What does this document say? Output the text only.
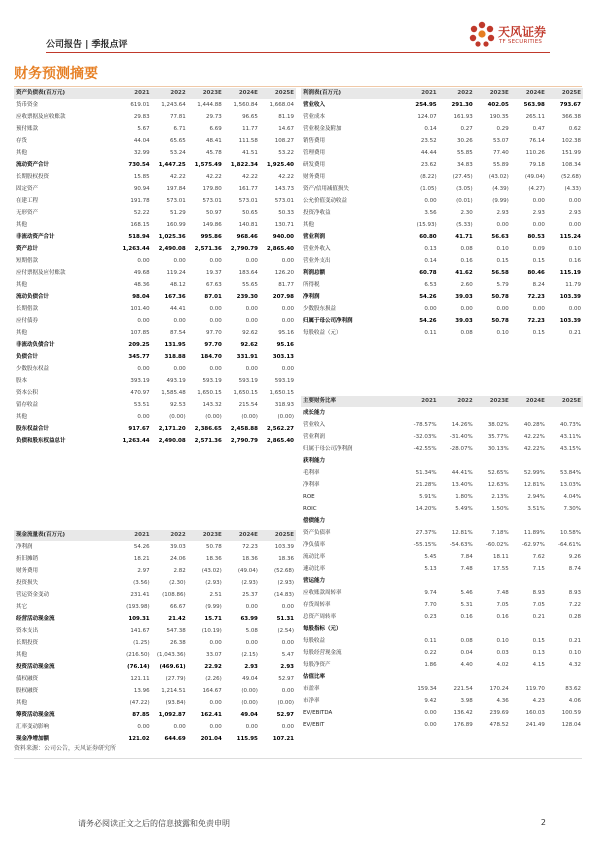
公司报告 | 季报点评
天风证券
TF SECURITIES
财务预测摘要
资产负债表(百万元)	2021	2022	2023E	2024E	2025E
货币资金	619.01	1,243.64	1,444.88	1,560.84	1,668.04
应收票据及应收账款	29.83	77.81	29.73	96.65	81.19
预付账款	5.67	6.71	6.69	11.77	14.67
存货	44.04	65.65	48.41	111.58	108.27
其他	32.99	53.24	45.78	41.51	53.22
流动资产合计	730.54	1,447.25	1,575.49	1,822.34	1,925.40
长期股权投资	15.85	42.22	42.22	42.22	42.22
固定资产	90.94	197.84	179.80	161.77	143.73
在建工程	191.78	573.01	573.01	573.01	573.01
无形资产	52.22	51.29	50.97	50.65	50.33
其他	168.15	160.99	149.86	140.81	130.71
非流动资产合计	518.94	1,025.36	995.86	968.46	940.00
资产总计	1,263.44	2,490.08	2,571.36	2,790.79	2,865.40
短期借款	0.00	0.00	0.00	0.00	0.00
应付票据及应付账款	49.68	119.24	19.37	183.64	126.20
其他	48.36	48.12	67.63	55.65	81.77
流动负债合计	98.04	167.36	87.01	239.30	207.98
长期借款	101.40	44.41	0.00	0.00	0.00
应付债券	0.00	0.00	0.00	0.00	0.00
其他	107.85	87.54	97.70	92.62	95.16
非流动负债合计	209.25	131.95	97.70	92.62	95.16
负债合计	345.77	318.88	184.70	331.91	303.13
少数股东权益	0.00	0.00	0.00	0.00	0.00
股本	393.19	493.19	593.19	593.19	593.19
资本公积	470.97	1,585.48	1,650.15	1,650.15	1,650.15
留存收益	53.51	92.53	143.32	215.54	318.93
其他	0.00	(0.00)	(0.00)	(0.00)	(0.00)
股东权益合计	917.67	2,171.20	2,386.65	2,458.88	2,562.27
负债和股东权益总计	1,263.44	2,490.08	2,571.36	2,790.79	2,865.40
利润表(百万元)	2021	2022	2023E	2024E	2025E
营业收入	254.95	291.30	402.05	563.98	793.67
营业成本	124.07	161.93	190.35	265.11	366.38
营业税金及附加	0.14	0.27	0.29	0.47	0.62
销售费用	23.52	30.26	53.07	76.14	102.38
管理费用	44.44	55.85	77.40	110.26	151.99
研发费用	23.62	34.83	55.89	79.18	108.34
财务费用	(8.22)	(27.45)	(43.02)	(49.04)	(52.68)
资产/信用减值损失	(1.05)	(3.05)	(4.39)	(4.27)	(4.33)
公允价值变动收益	0.00	(0.01)	(9.99)	0.00	0.00
投资净收益	3.56	2.30	2.93	2.93	2.93
其他	(15.93)	(5.33)	0.00	0.00	0.00
营业利润	60.80	41.71	56.63	80.53	115.24
营业外收入	0.13	0.08	0.10	0.09	0.10
营业外支出	0.14	0.16	0.15	0.15	0.16
利润总额	60.78	41.62	56.58	80.46	115.19
所得税	6.53	2.60	5.79	8.24	11.79
净利润	54.26	39.03	50.78	72.23	103.39
少数股东损益	0.00	0.00	0.00	0.00	0.00
归属于母公司净利润	54.26	39.03	50.78	72.23	103.39
每股收益（元）	0.11	0.08	0.10	0.15	0.21
主要财务比率	2021	2022	2023E	2024E	2025E
成长能力					
营业收入	-78.57%	14.26%	38.02%	40.28%	40.73%
营业利润	-32.03%	-31.40%	35.77%	42.22%	43.11%
归属于母公司净利润	-42.55%	-28.07%	30.13%	42.22%	43.15%
获利能力					
毛利率	51.34%	44.41%	52.65%	52.99%	53.84%
净利率	21.28%	13.40%	12.63%	12.81%	13.03%
ROE	5.91%	1.80%	2.13%	2.94%	4.04%
ROIC	14.20%	5.49%	1.50%	3.51%	7.30%
偿债能力					
资产负债率	27.37%	12.81%	7.18%	11.89%	10.58%
净负债率	-55.15%	-54.63%	-60.02%	-62.97%	-64.61%
流动比率	5.45	7.84	18.11	7.62	9.26
速动比率	5.13	7.48	17.55	7.15	8.74
营运能力					
应收账款周转率	9.74	5.46	7.48	8.93	8.93
存货周转率	7.70	5.31	7.05	7.05	7.22
总资产周转率	0.23	0.16	0.16	0.21	0.28
每股指标（元）					
每股收益	0.11	0.08	0.10	0.15	0.21
每股经营现金流	0.22	0.04	0.03	0.13	0.10
每股净资产	1.86	4.40	4.02	4.15	4.32
估值比率					
市盈率	159.34	221.54	170.24	119.70	83.62
市净率	9.42	3.98	4.36	4.23	4.06
EV/EBITDA	0.00	136.42	239.69	160.03	100.59
EV/EBIT	0.00	176.89	478.52	241.49	128.04
现金流量表(百万元)	2021	2022	2023E	2024E	2025E
净利润	54.26	39.03	50.78	72.23	103.39
折旧摊销	18.21	24.06	18.36	18.36	18.36
财务费用	2.97	2.82	(43.02)	(49.04)	(52.68)
投资损失	(3.56)	(2.30)	(2.93)	(2.93)	(2.93)
营运资金变动	231.41	(108.86)	2.51	25.37	(14.83)
其它	(193.98)	66.67	(9.99)	0.00	0.00
经营活动现金流	109.31	21.42	15.71	63.99	51.31
资本支出	141.67	547.38	(10.19)	5.08	(2.54)
长期投资	(1.25)	26.38	0.00	0.00	0.00
其他	(216.50)	(1,043.36)	33.07	(2.15)	5.47
投资活动现金流	(76.14)	(469.61)	22.92	2.93	2.93
债权融资	121.11	(27.79)	(2.26)	49.04	52.97
股权融资	13.96	1,214.51	164.67	(0.00)	0.00
其他	(47.22)	(93.84)	0.00	(0.00)	(0.00)
筹资活动现金流	87.85	1,092.87	162.41	49.04	52.97
汇率变动影响	0.00	0.00	0.00	0.00	0.00
现金净增加额	121.02	644.69	201.04	115.95	107.21
资料来源：公司公告，天风证券研究所
请务必阅读正文之后的信息披露和免责申明	2
